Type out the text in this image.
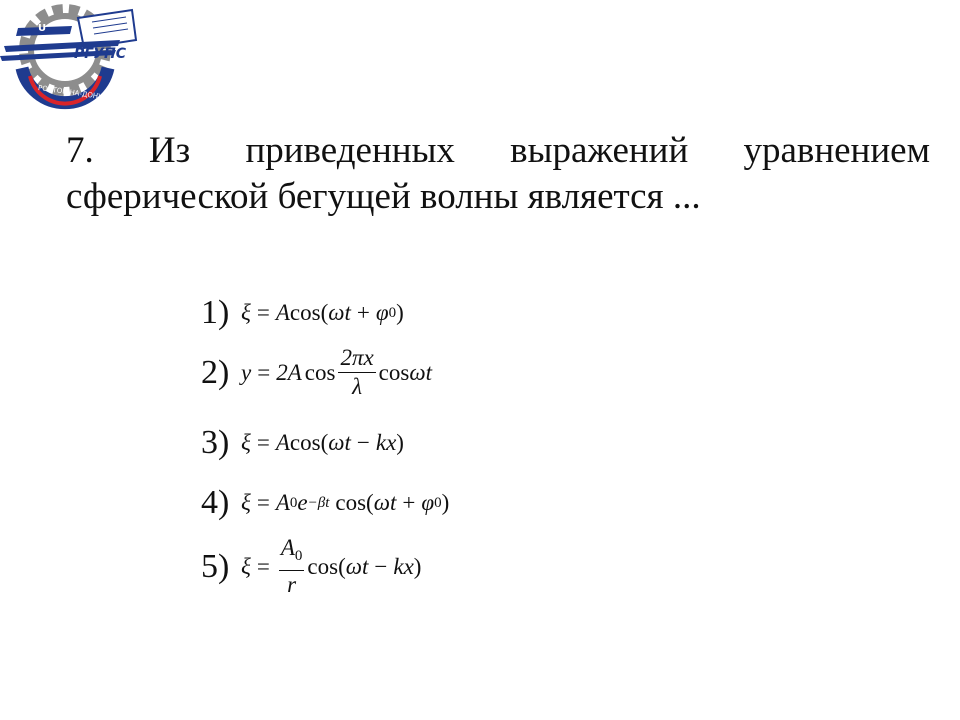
РОСТОВ-НА-ДОНУ
U
РГУПС
7. Из приведенных выражений уравнением
сферической бегущей волны является ...
1) ξ = A cos( ωt + φ 0 )
2) y = 2A $\cos \frac{2\pi x}{\lambda}$ cos ωt
3) ξ = A cos( ωt − kx )
4) ξ = A 0 e −βt cos( ωt + φ 0 )
5) $\xi = \frac{A_0}{r} \cos$( ωt − kx )
